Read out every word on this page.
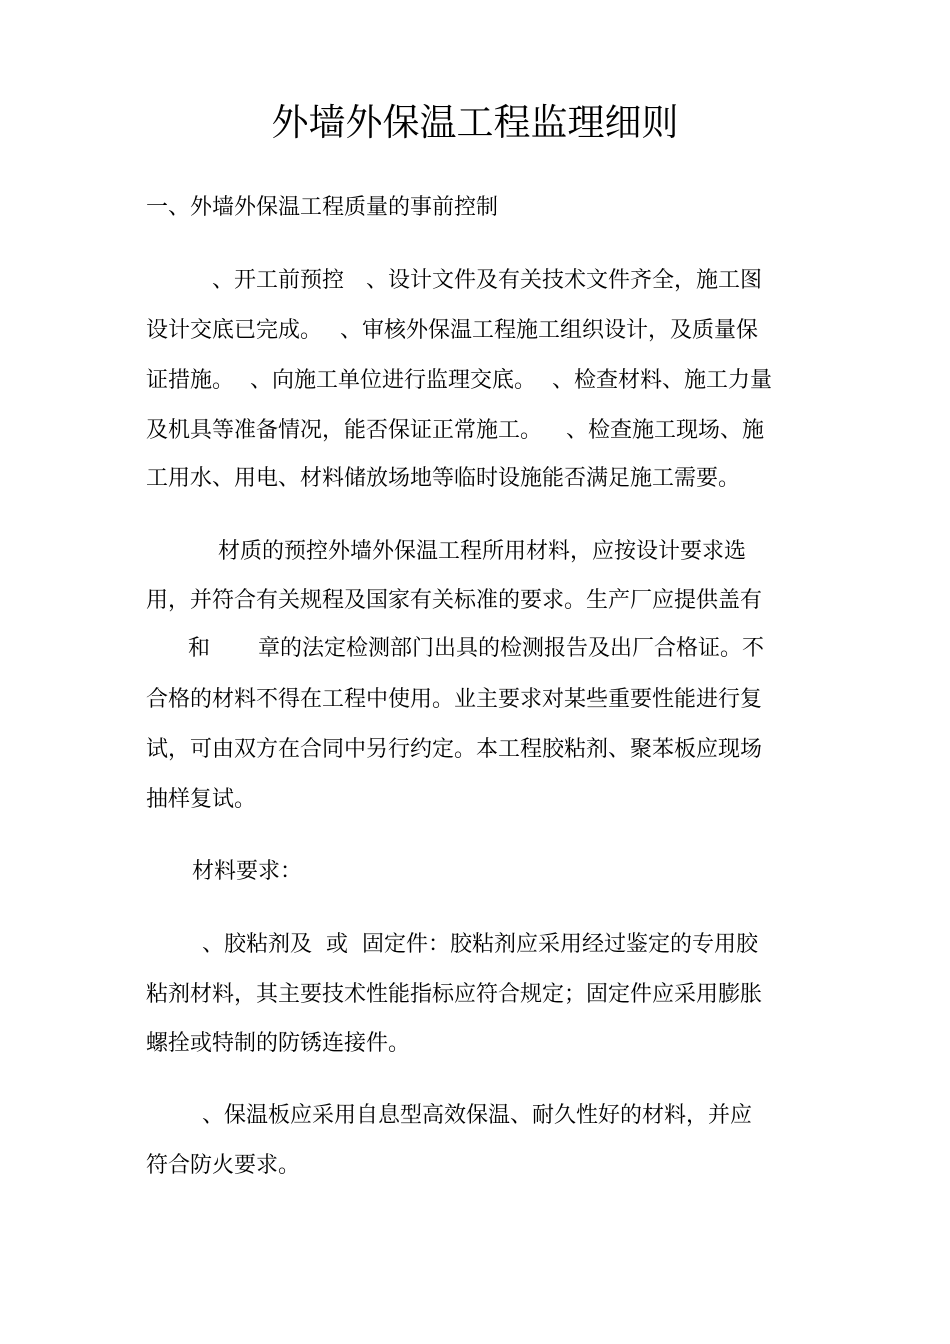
外墙外保温工程监理细则
一、外墙外保温工程质量的事前控制
、开工前预控 、设计文件及有关技术文件齐全，施工图
设计交底已完成。 、审核外保温工程施工组织设计，及质量保
证措施。 、向施工单位进行监理交底。 、检查材料、施工力量
及机具等准备情况，能否保证正常施工。 、检查施工现场、施
工用水、用电、材料储放场地等临时设施能否满足施工需要。
材质的预控外墙外保温工程所用材料，应按设计要求选
用，并符合有关规程及国家有关标准的要求。生产厂应提供盖有
和 章的法定检测部门出具的检测报告及出厂合格证。不
合格的材料不得在工程中使用。业主要求对某些重要性能进行复
试，可由双方在合同中另行约定。本工程胶粘剂、聚苯板应现场
抽样复试。
材料要求：
、胶粘剂及 或 固定件：胶粘剂应采用经过鉴定的专用胶
粘剂材料，其主要技术性能指标应符合规定；固定件应采用膨胀
螺拴或特制的防锈连接件。
、保温板应采用自息型高效保温、耐久性好的材料，并应
符合防火要求。
